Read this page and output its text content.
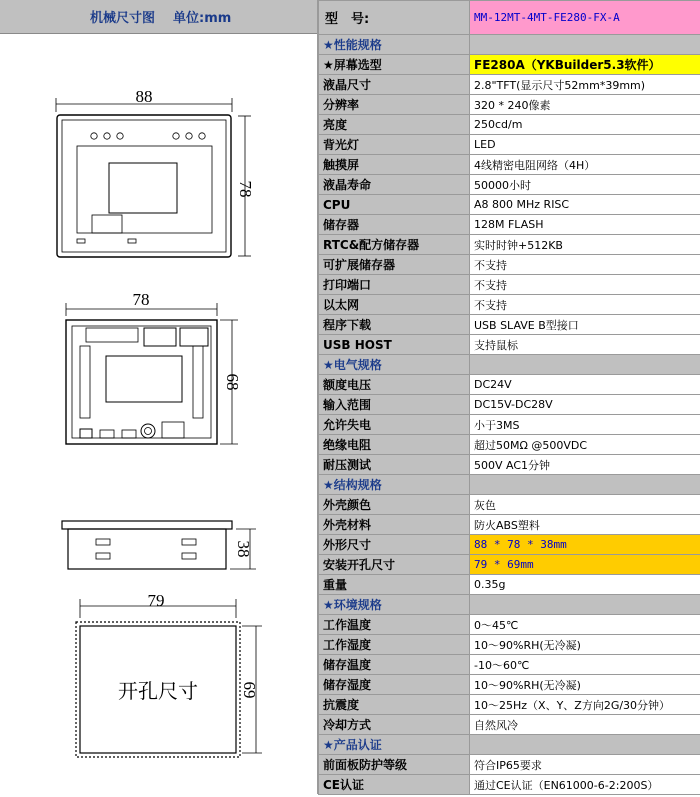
机械尺寸图 单位:mm
88
78
78
68
38
79
69
开孔尺寸
型　号:	MM-12MT-4MT-FE280-FX-A
★性能规格	
★屏幕选型	FE280A（YKBuilder5.3软件）
液晶尺寸	2.8"TFT(显示尺寸52mm*39mm)
分辨率	320 * 240像素
亮度	250cd/m
背光灯	LED
触摸屏	4线精密电阻网络（4H）
液晶寿命	50000小时
CPU	A8 800 MHz RISC
储存器	128M FLASH
RTC&配方储存器	实时时钟+512KB
可扩展储存器	不支持
打印端口	不支持
以太网	不支持
程序下载	USB SLAVE B型接口
USB HOST	支持鼠标
★电气规格	
额度电压	DC24V
输入范围	DC15V-DC28V
允许失电	小于3MS
绝缘电阻	超过50MΩ @500VDC
耐压测试	500V AC1分钟
★结构规格	
外壳颜色	灰色
外壳材料	防火ABS塑料
外形尺寸	88 * 78 * 38mm
安装开孔尺寸	79 * 69mm
重量	0.35g
★环境规格	
工作温度	0～45℃
工作湿度	10～90%RH(无冷凝)
储存温度	-10～60℃
储存湿度	10～90%RH(无冷凝)
抗震度	10～25Hz（X、Y、Z方向2G/30分钟）
冷却方式	自然风冷
★产品认证	
前面板防护等级	符合IP65要求
CE认证	通过CE认证（EN61000-6-2:200S）
